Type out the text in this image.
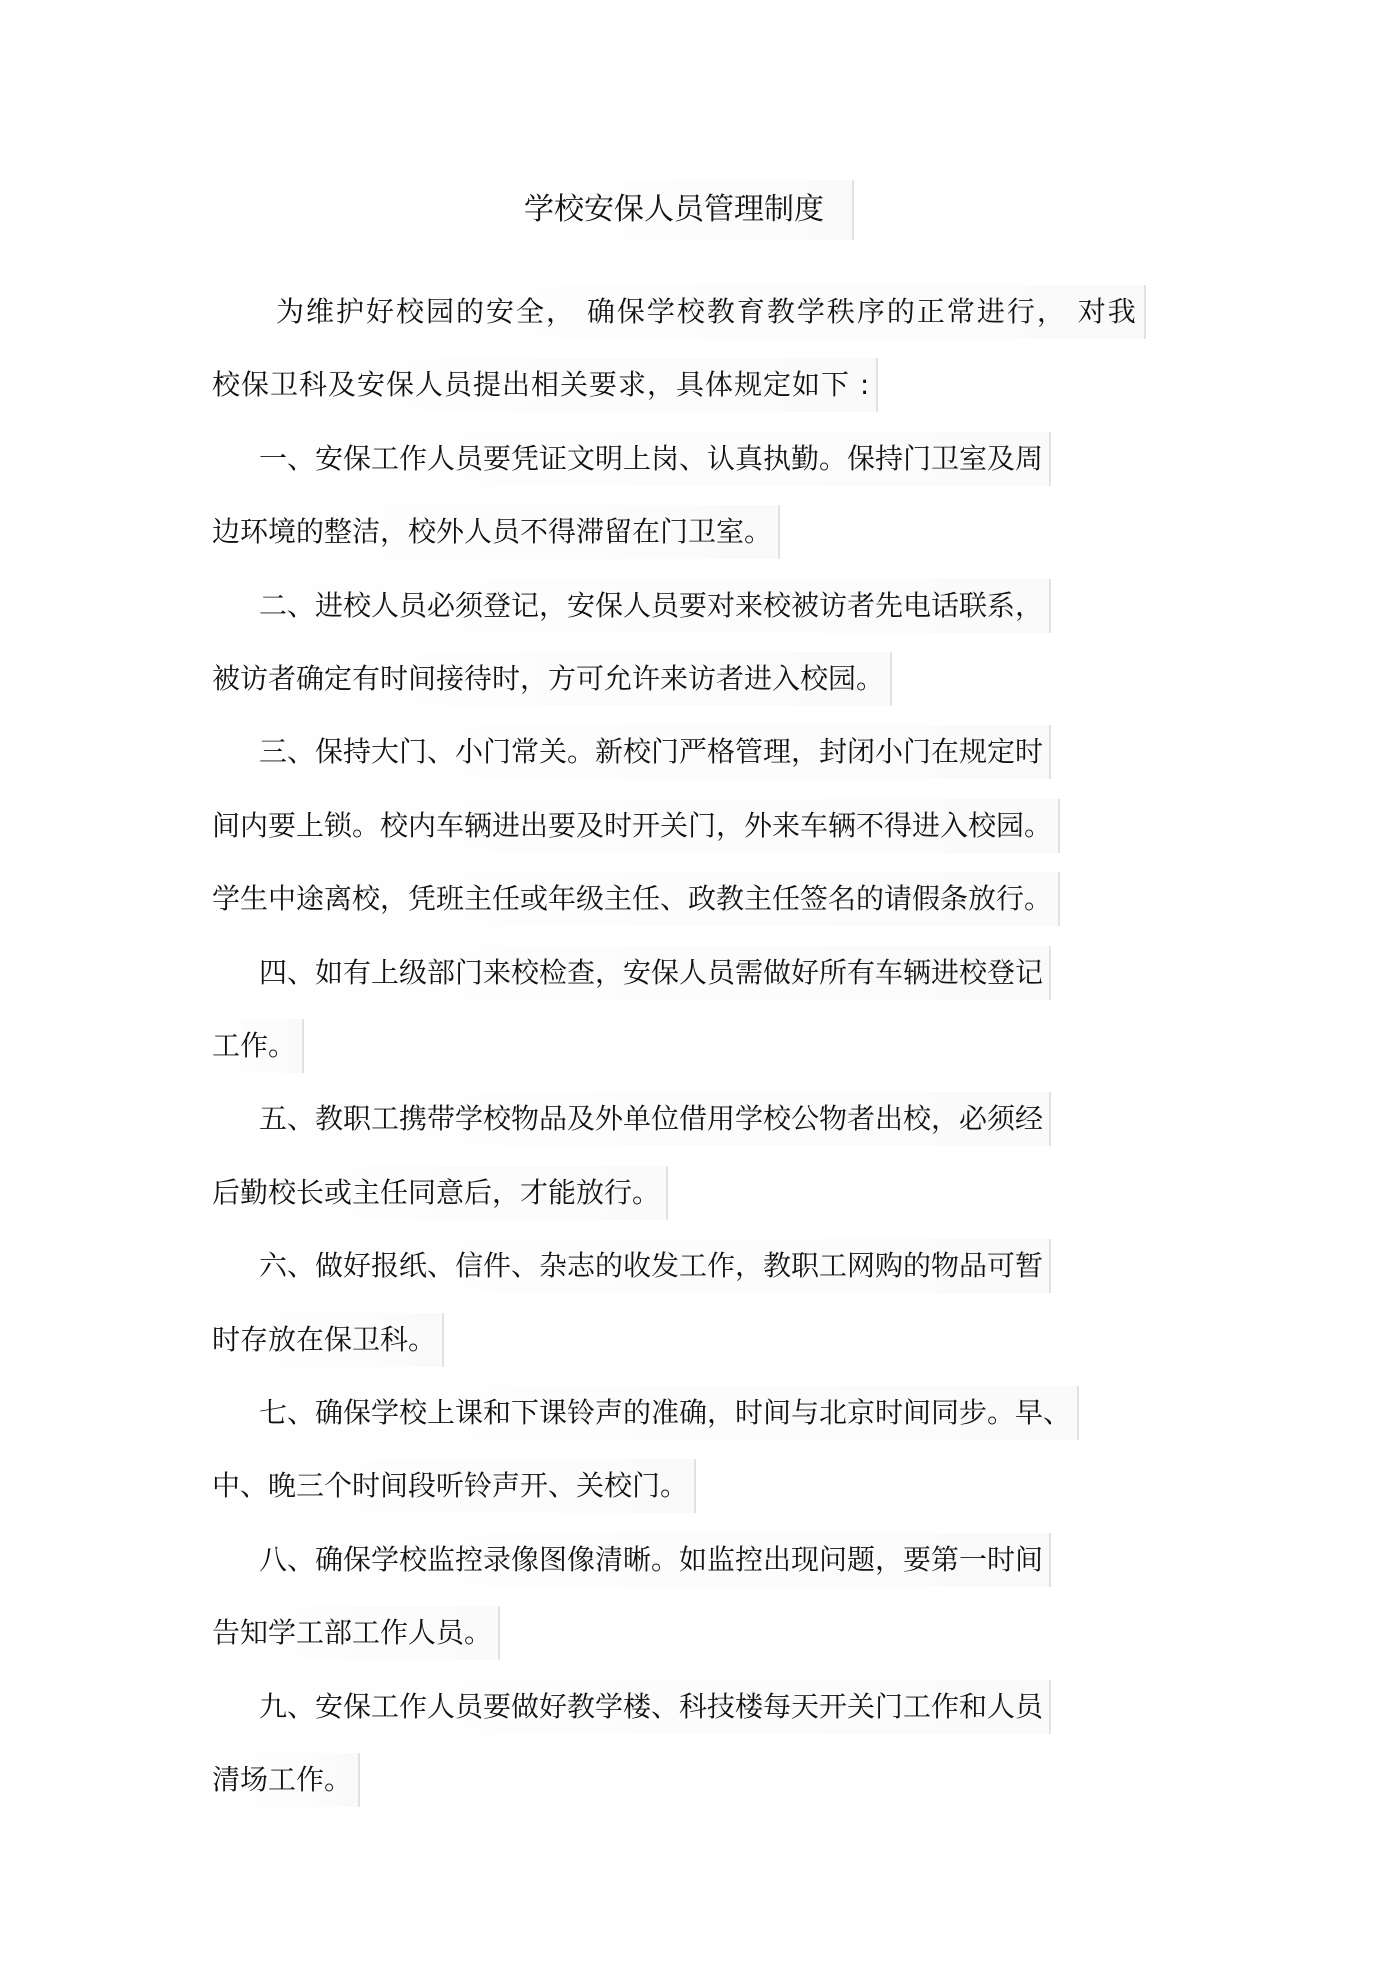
学校安保人员管理制度
为维护好校园的安全， 确保学校教育教学秩序的正常进行， 对我
校保卫科及安保人员提出相关要求，具体规定如下 :
一、安保工作人员要凭证文明上岗、认真执勤。保持门卫室及周
边环境的整洁，校外人员不得滞留在门卫室。
二、进校人员必须登记，安保人员要对来校被访者先电话联系，
被访者确定有时间接待时，方可允许来访者进入校园。
三、保持大门、小门常关。新校门严格管理，封闭小门在规定时
间内要上锁。校内车辆进出要及时开关门，外来车辆不得进入校园。
学生中途离校，凭班主任或年级主任、政教主任签名的请假条放行。
四、如有上级部门来校检查，安保人员需做好所有车辆进校登记
工作。
五、教职工携带学校物品及外单位借用学校公物者出校，必须经
后勤校长或主任同意后，才能放行。
六、做好报纸、信件、杂志的收发工作，教职工网购的物品可暂
时存放在保卫科。
七、确保学校上课和下课铃声的准确，时间与北京时间同步。早、
中、晚三个时间段听铃声开、关校门。
八、确保学校监控录像图像清晰。如监控出现问题，要第一时间
告知学工部工作人员。
九、安保工作人员要做好教学楼、科技楼每天开关门工作和人员
清场工作。
